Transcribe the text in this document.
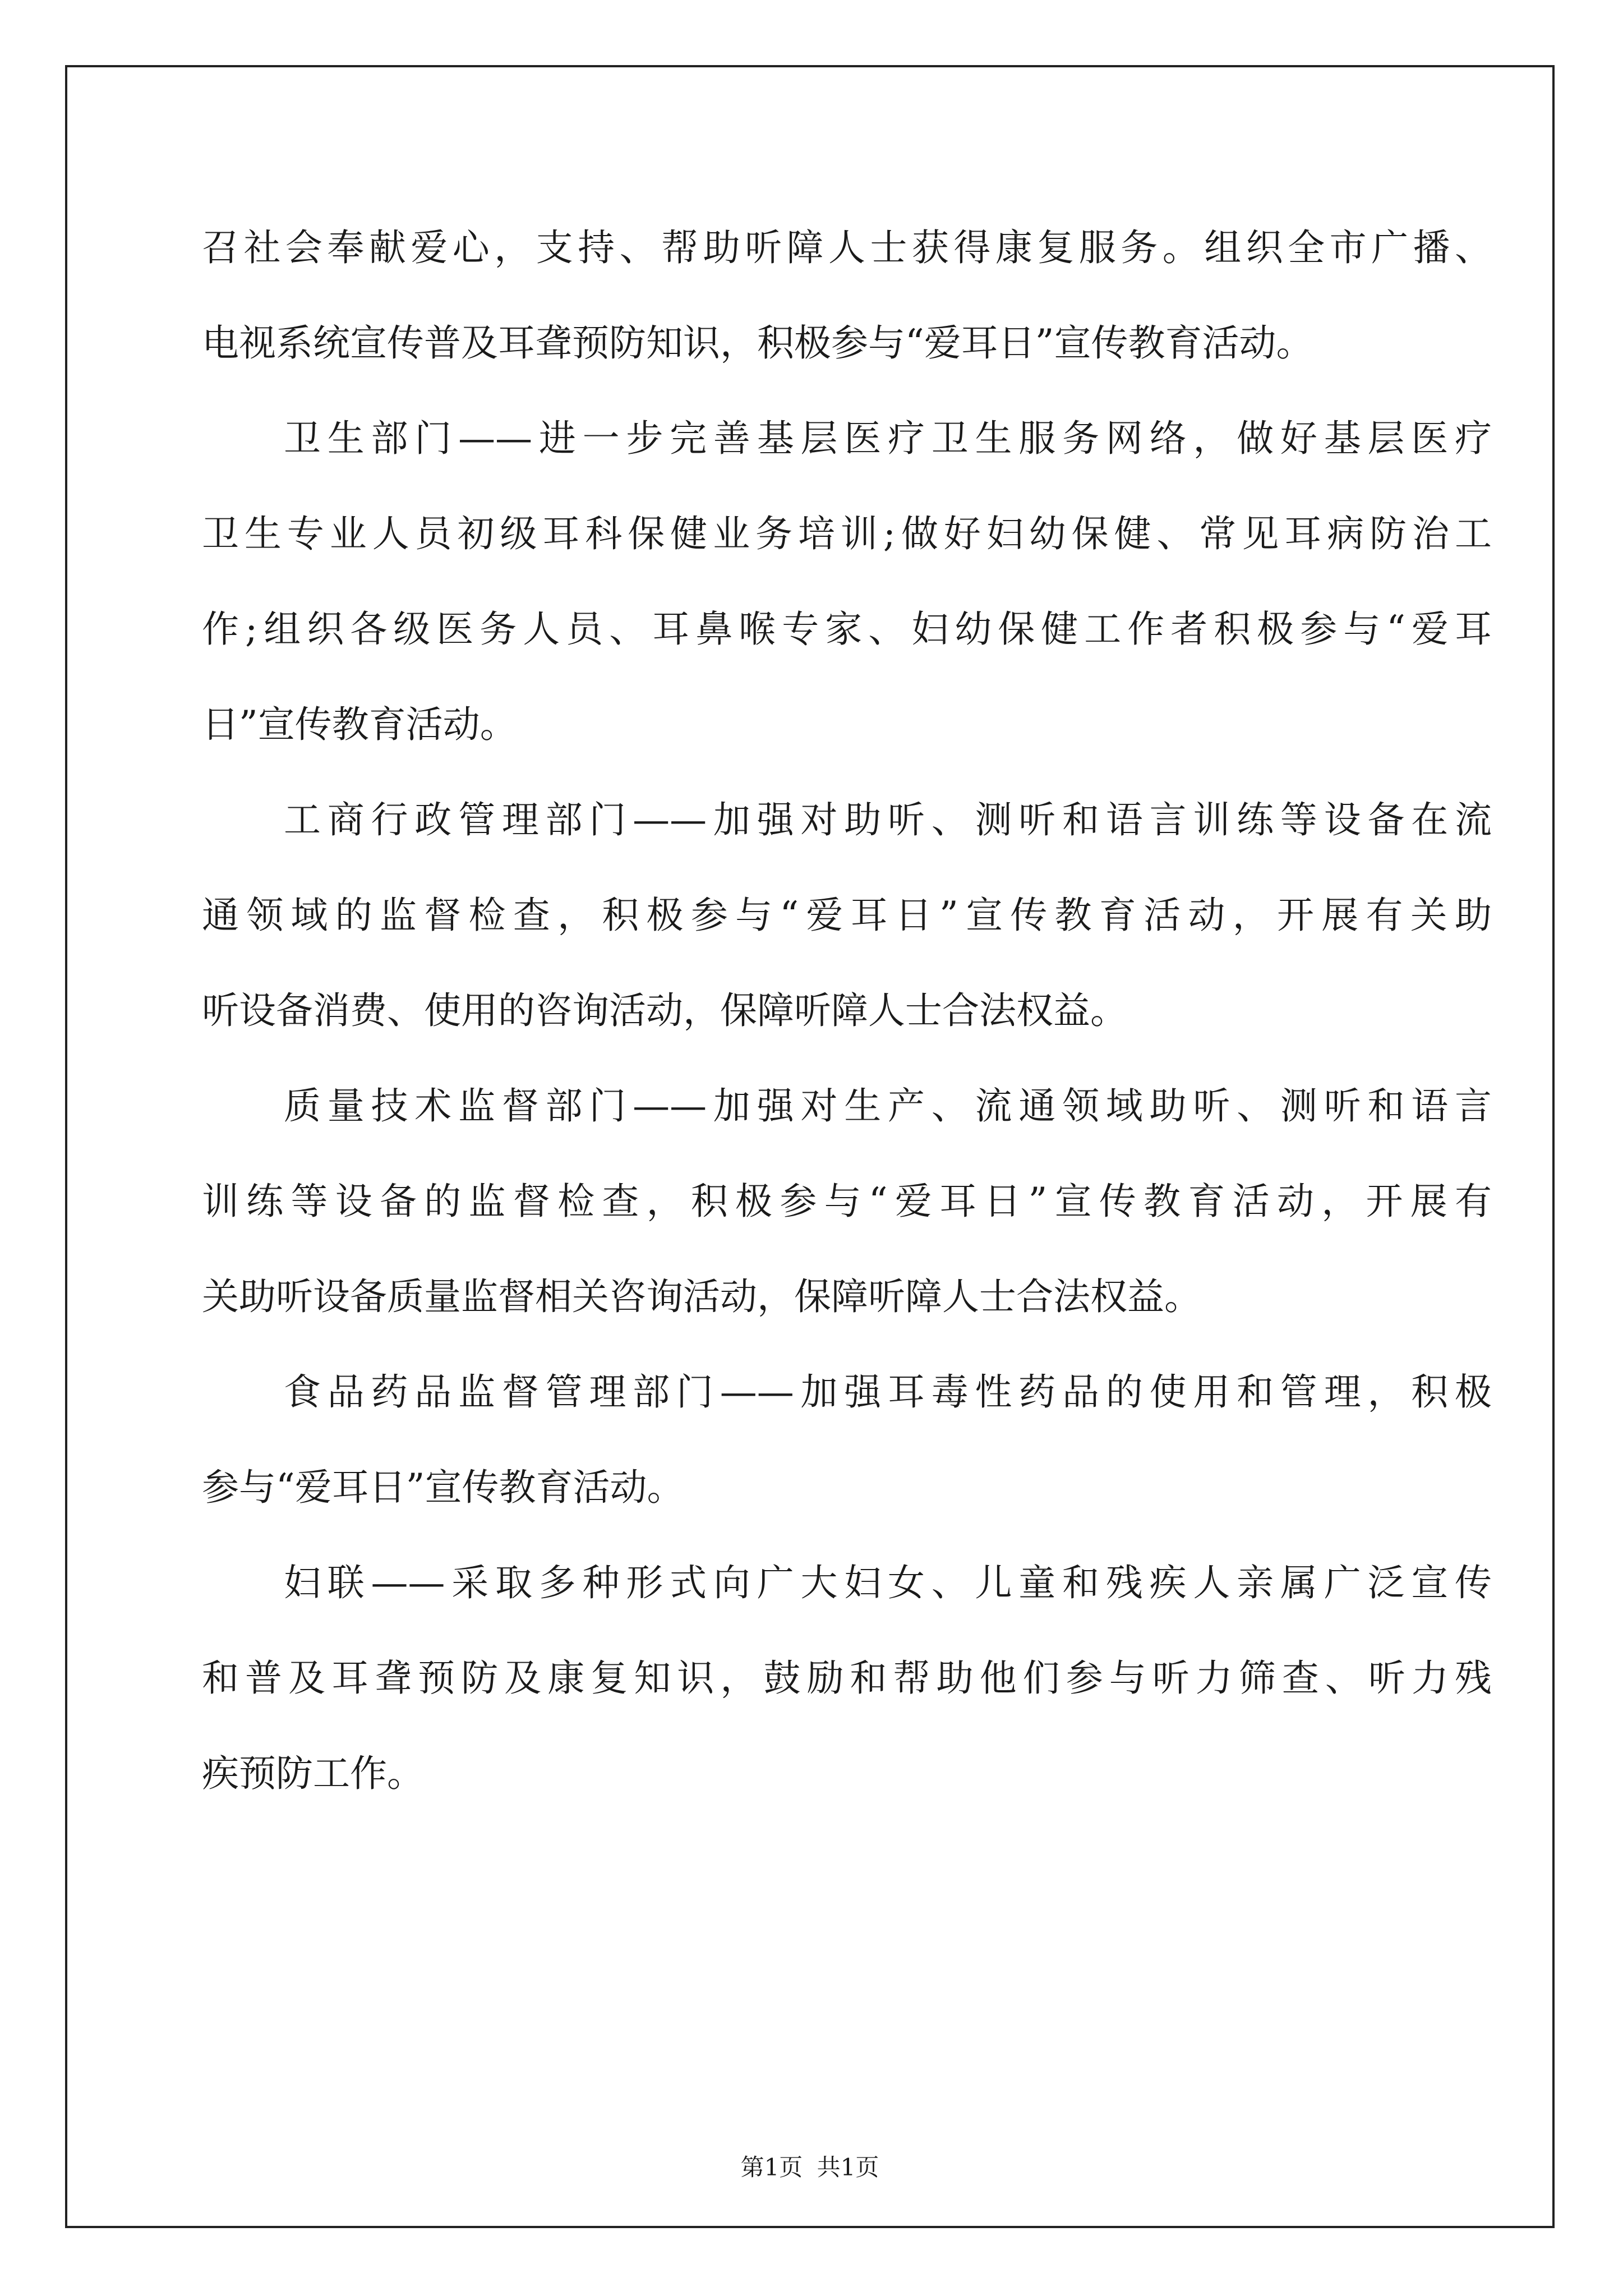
召社会奉献爱心，支持、帮助听障人士获得康复服务。组织全市广播、
电视系统宣传普及耳聋预防知识，积极参与“爱耳日”宣传教育活动。
卫生部门——进一步完善基层医疗卫生服务网络，做好基层医疗
卫生专业人员初级耳科保健业务培训;做好妇幼保健、常见耳病防治工
作;组织各级医务人员、耳鼻喉专家、妇幼保健工作者积极参与“爱耳
日”宣传教育活动。
工商行政管理部门——加强对助听、测听和语言训练等设备在流
通领域的监督检查，积极参与“爱耳日”宣传教育活动，开展有关助
听设备消费、使用的咨询活动，保障听障人士合法权益。
质量技术监督部门——加强对生产、流通领域助听、测听和语言
训练等设备的监督检查，积极参与“爱耳日”宣传教育活动，开展有
关助听设备质量监督相关咨询活动，保障听障人士合法权益。
食品药品监督管理部门——加强耳毒性药品的使用和管理，积极
参与“爱耳日”宣传教育活动。
妇联——采取多种形式向广大妇女、儿童和残疾人亲属广泛宣传
和普及耳聋预防及康复知识，鼓励和帮助他们参与听力筛查、听力残
疾预防工作。
第1页 共1页
